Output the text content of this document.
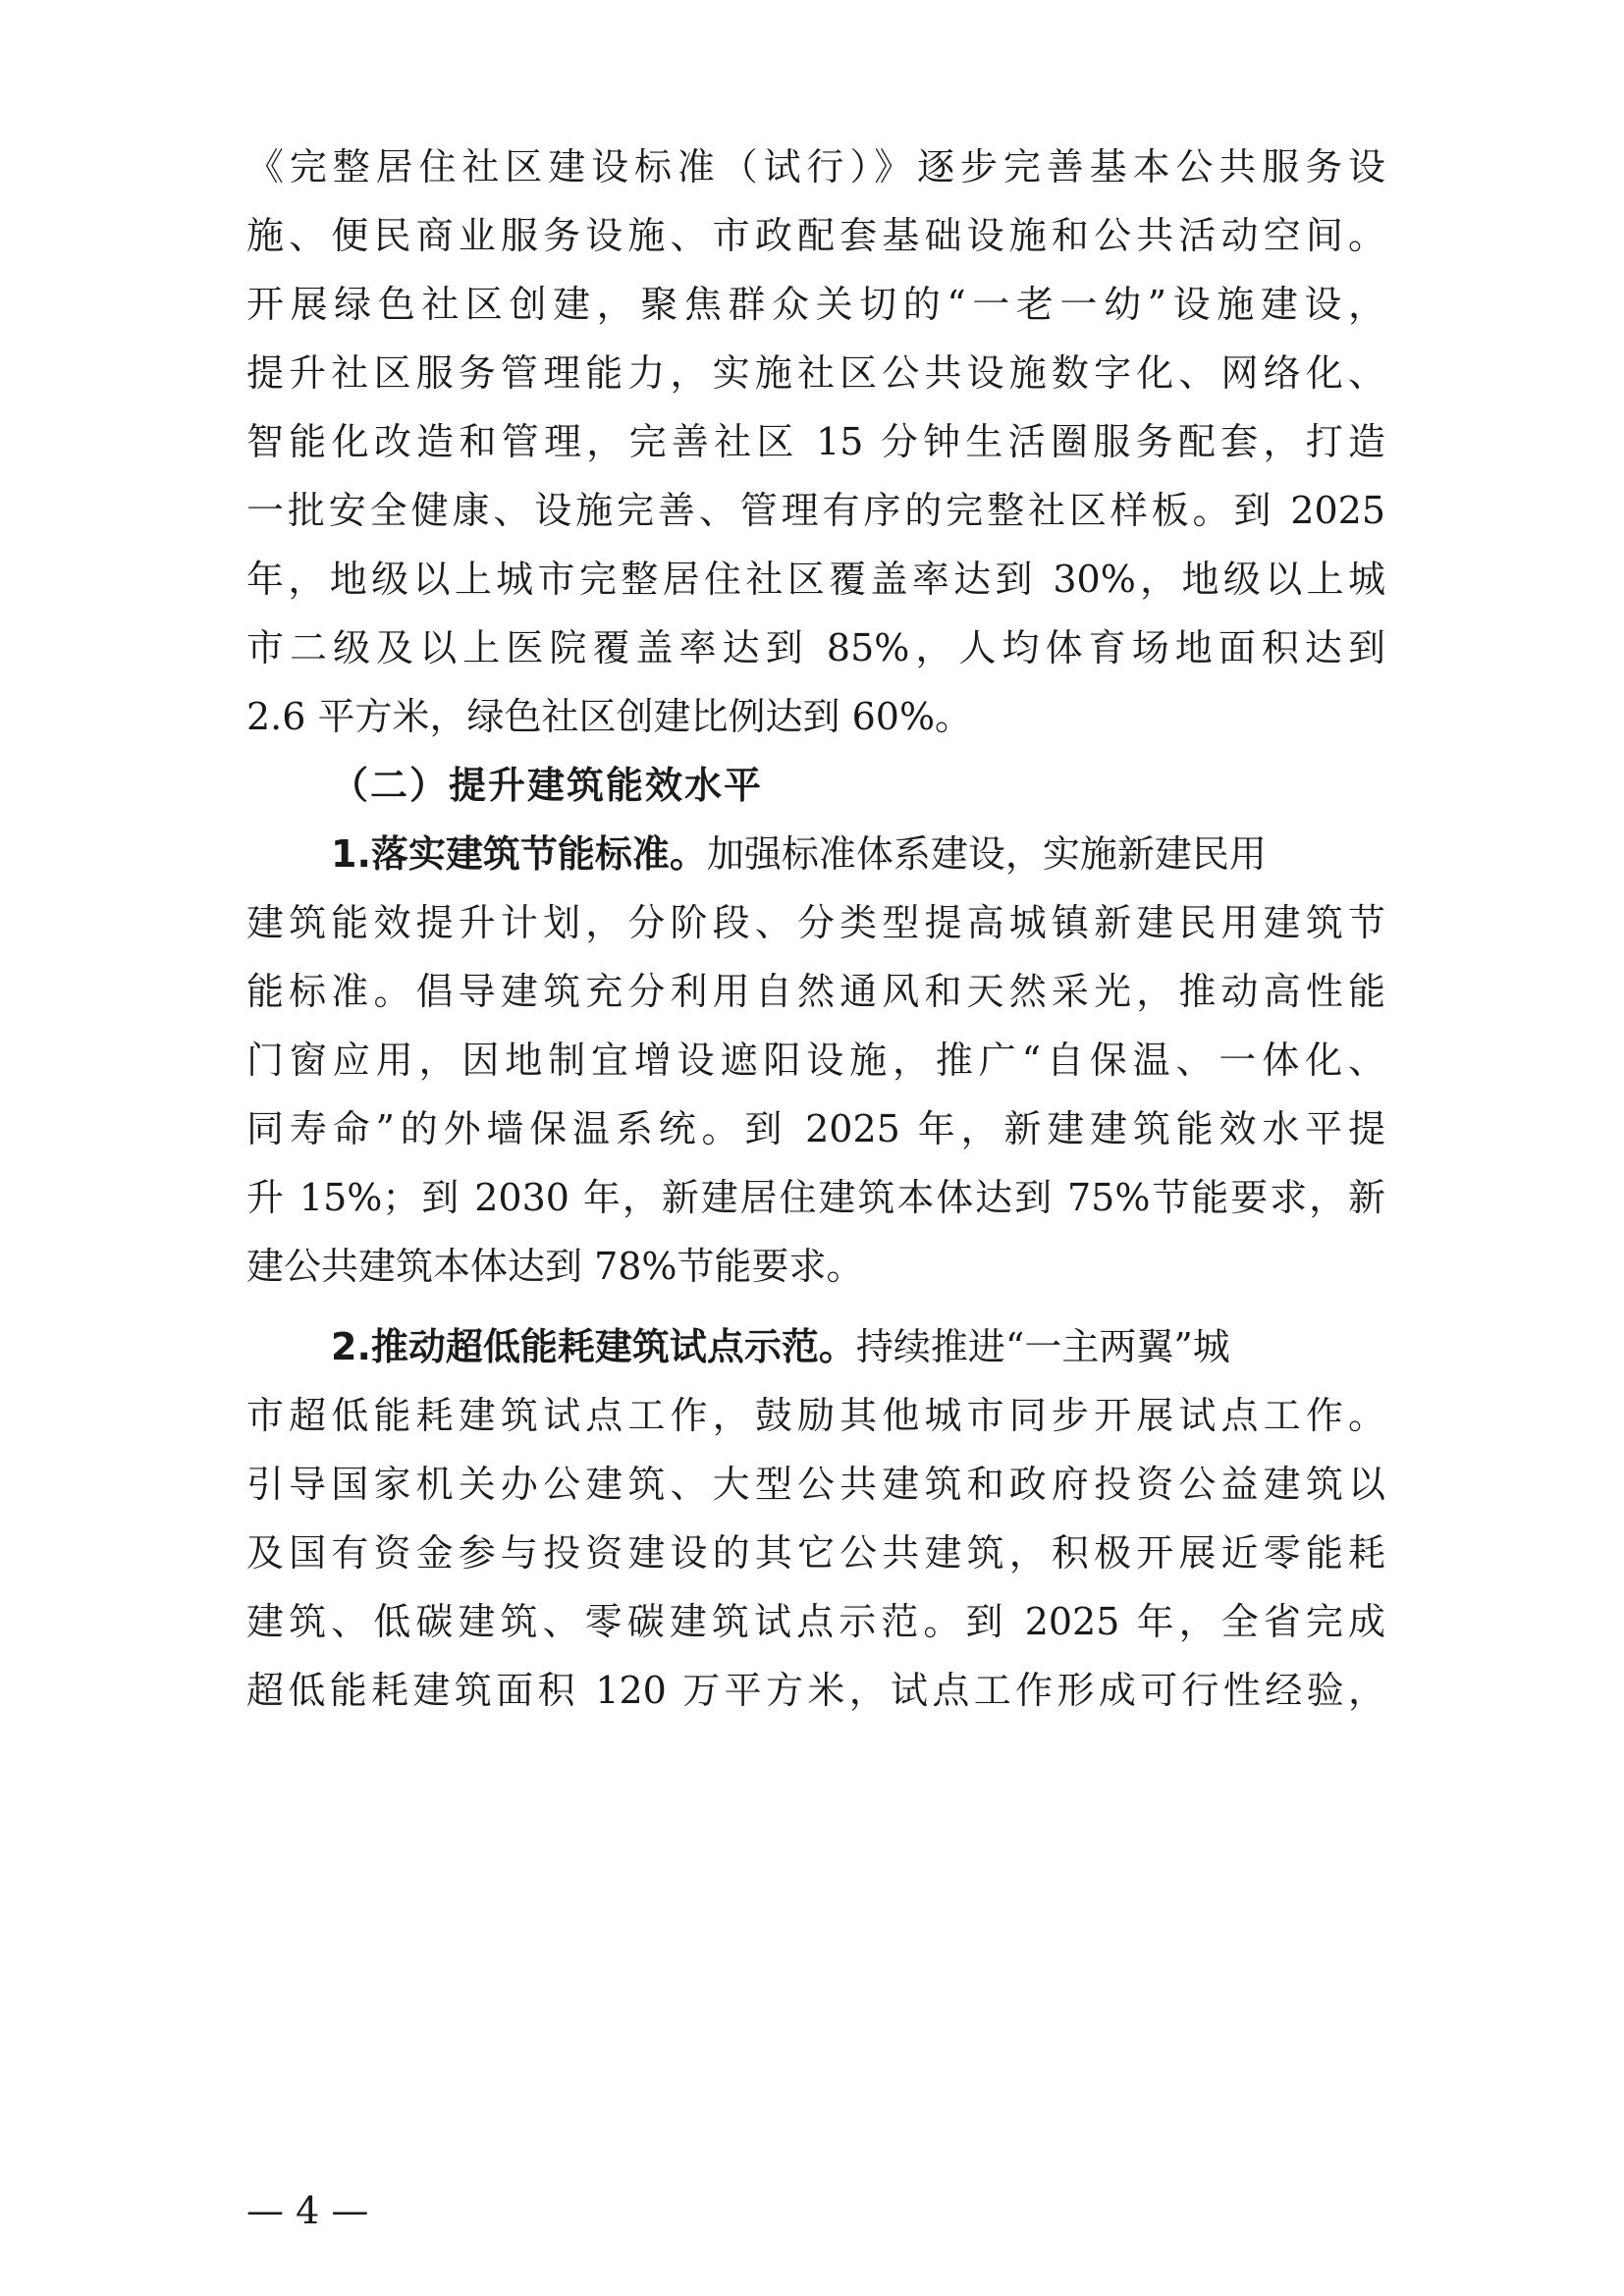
《完整居住社区建设标准（试行）》逐步完善基本公共服务设
施、便民商业服务设施、市政配套基础设施和公共活动空间。
开展绿色社区创建，聚焦群众关切的“一老一幼”设施建设，
提升社区服务管理能力，实施社区公共设施数字化、网络化、
智能化改造和管理，完善社区 15 分钟生活圈服务配套，打造
一批安全健康、设施完善、管理有序的完整社区样板。到 2025
年，地级以上城市完整居住社区覆盖率达到 30%，地级以上城
市二级及以上医院覆盖率达到 85%，人均体育场地面积达到
2.6 平方米，绿色社区创建比例达到 60%。
（二）提升建筑能效水平
1.落实建筑节能标准。加强标准体系建设，实施新建民用
建筑能效提升计划，分阶段、分类型提高城镇新建民用建筑节
能标准。倡导建筑充分利用自然通风和天然采光，推动高性能
门窗应用，因地制宜增设遮阳设施，推广“自保温、一体化、
同寿命”的外墙保温系统。到 2025 年，新建建筑能效水平提
升 15%；到 2030 年，新建居住建筑本体达到 75%节能要求，新
建公共建筑本体达到 78%节能要求。
2.推动超低能耗建筑试点示范。持续推进“一主两翼”城
市超低能耗建筑试点工作，鼓励其他城市同步开展试点工作。
引导国家机关办公建筑、大型公共建筑和政府投资公益建筑以
及国有资金参与投资建设的其它公共建筑，积极开展近零能耗
建筑、低碳建筑、零碳建筑试点示范。到 2025 年，全省完成
超低能耗建筑面积 120 万平方米，试点工作形成可行性经验，
— 4 —
